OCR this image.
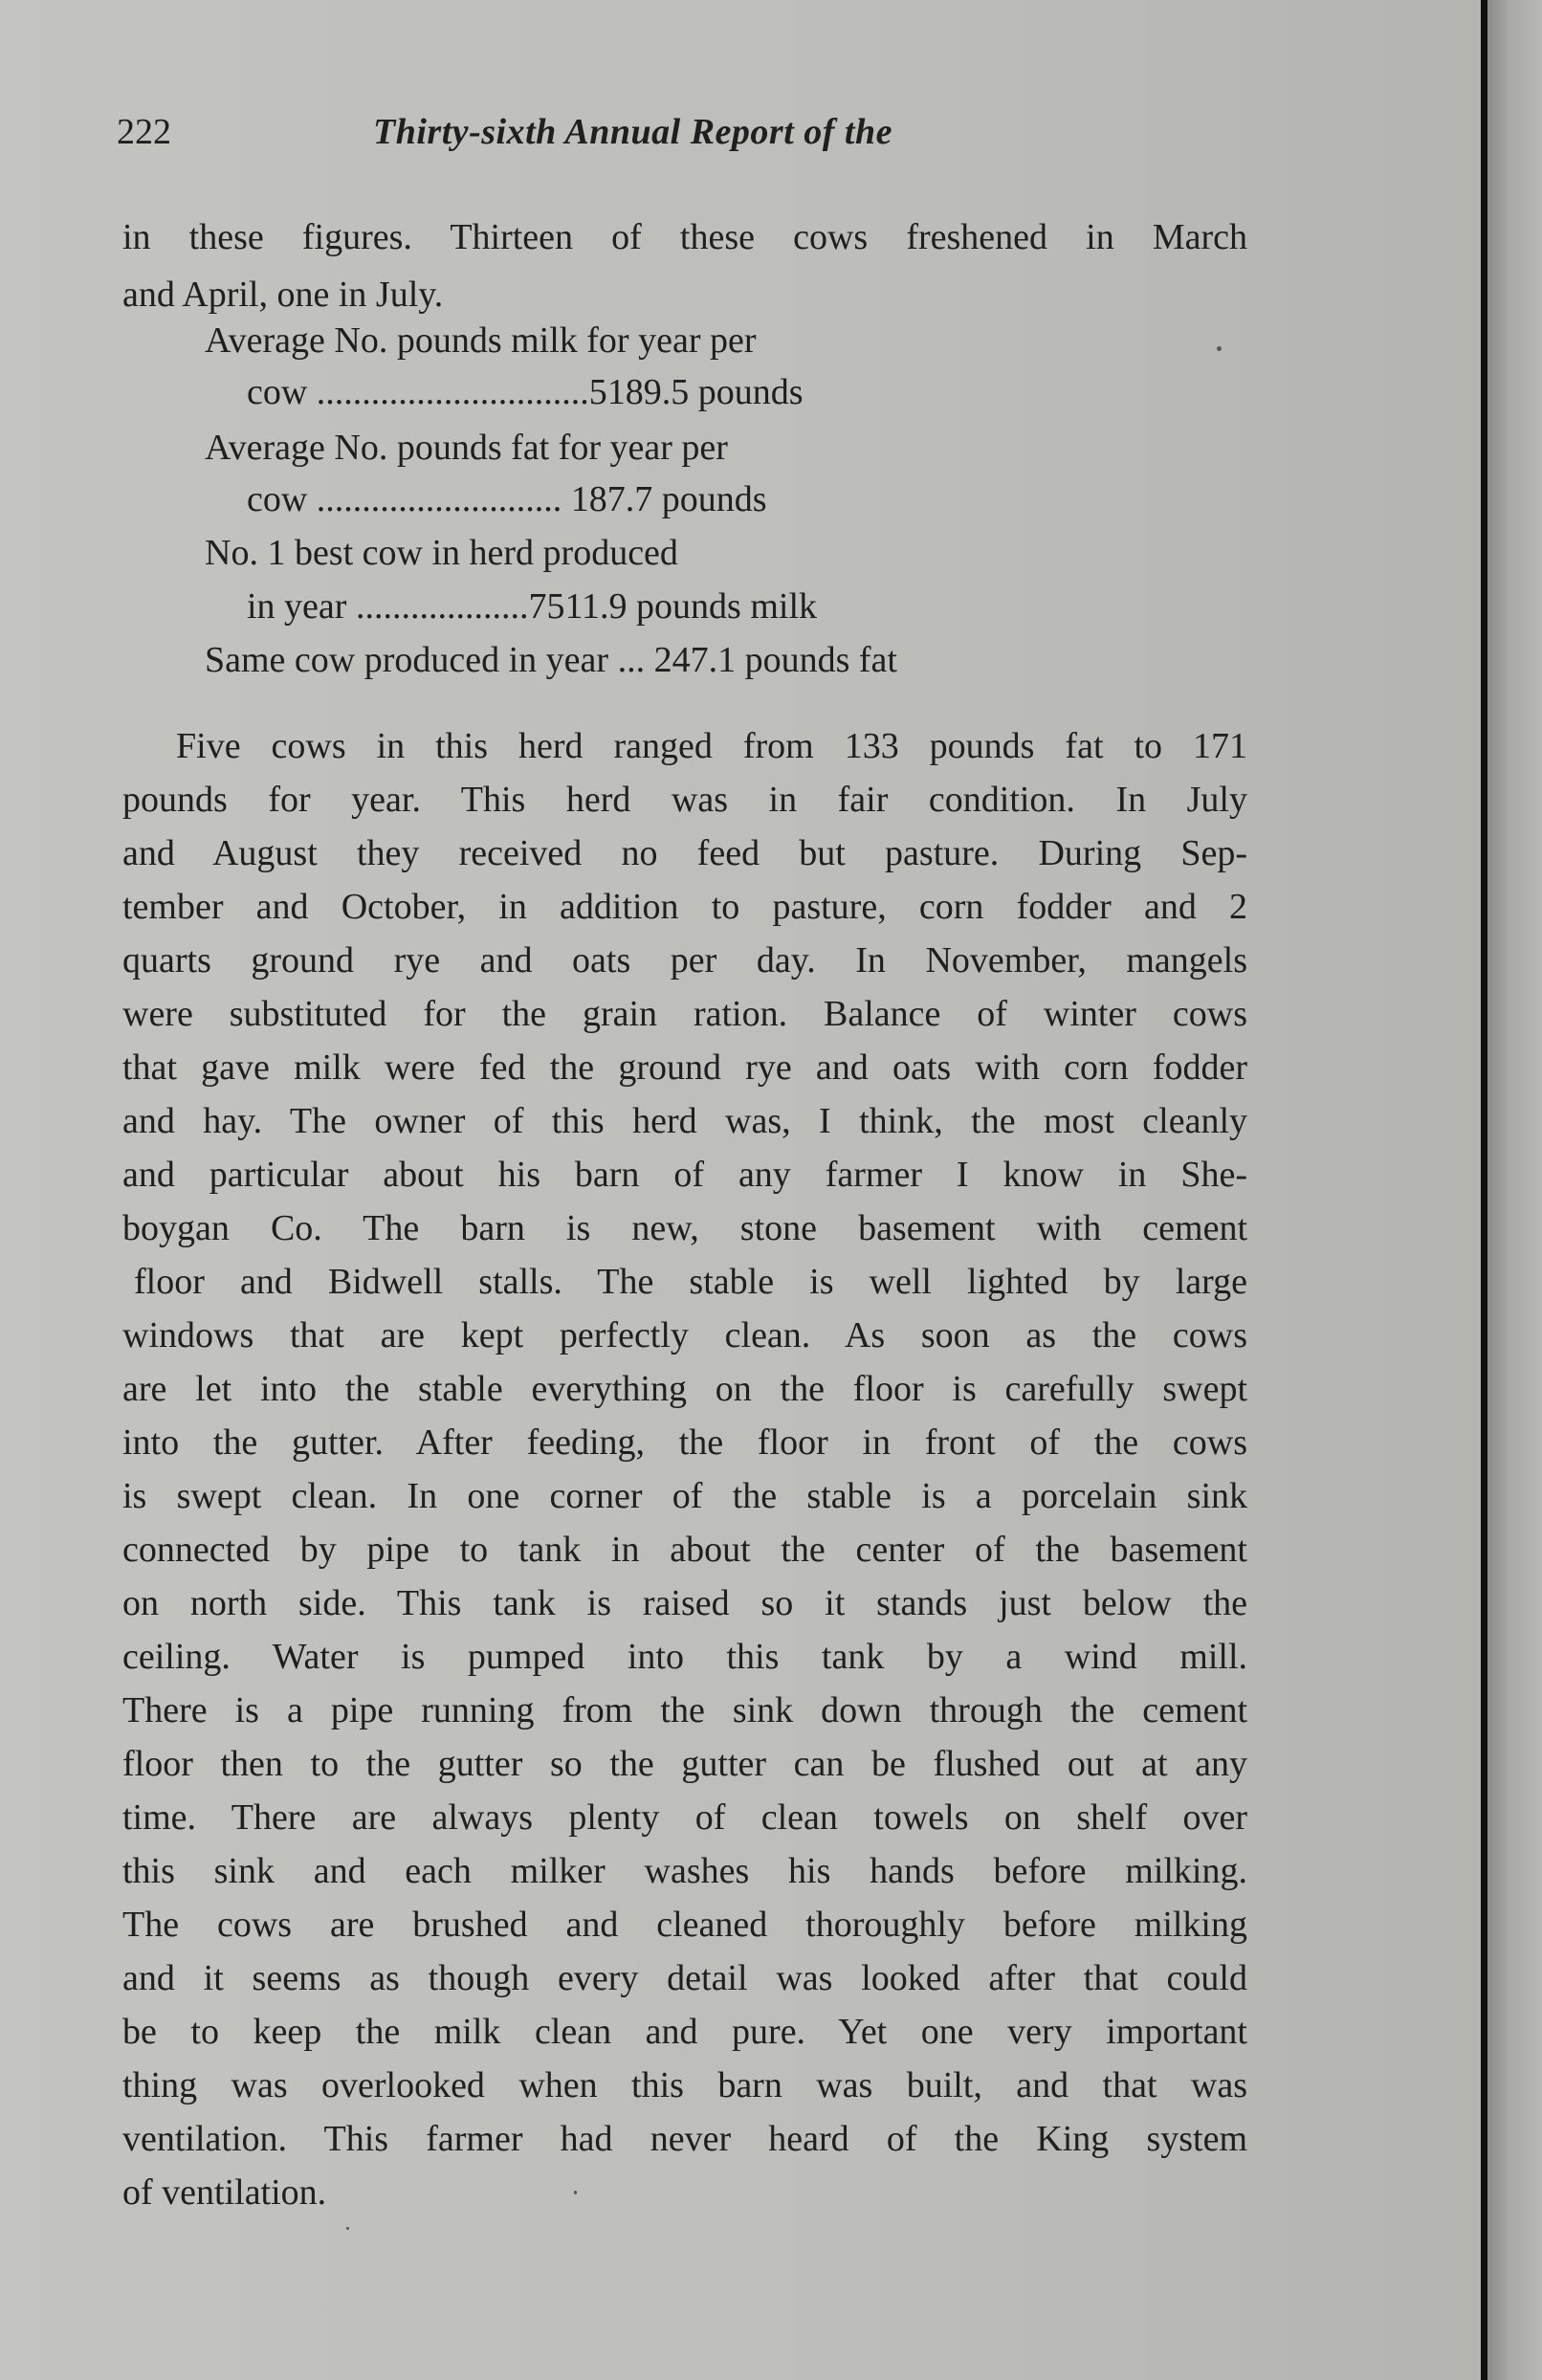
222	Thirty-sixth Annual Report of the
in these figures. Thirteen of these cows freshened in March
and April, one in July.
Average No. pounds milk for year per
cow ..............................5189.5 pounds
Average No. pounds fat for year per
cow ........................... 187.7 pounds
No. 1 best cow in herd produced
in year ...................7511.9 pounds milk
Same cow produced in year ... 247.1 pounds fat
Five cows in this herd ranged from 133 pounds fat to 171
pounds for year. This herd was in fair condition. In July
and August they received no feed but pasture. During Sep-
tember and October, in addition to pasture, corn fodder and 2
quarts ground rye and oats per day. In November, mangels
were substituted for the grain ration. Balance of winter cows
that gave milk were fed the ground rye and oats with corn fodder
and hay. The owner of this herd was, I think, the most cleanly
and particular about his barn of any farmer I know in She-
boygan Co. The barn is new, stone basement with cement
floor and Bidwell stalls. The stable is well lighted by large
windows that are kept perfectly clean. As soon as the cows
are let into the stable everything on the floor is carefully swept
into the gutter. After feeding, the floor in front of the cows
is swept clean. In one corner of the stable is a porcelain sink
connected by pipe to tank in about the center of the basement
on north side. This tank is raised so it stands just below the
ceiling. Water is pumped into this tank by a wind mill.
There is a pipe running from the sink down through the cement
floor then to the gutter so the gutter can be flushed out at any
time. There are always plenty of clean towels on shelf over
this sink and each milker washes his hands before milking.
The cows are brushed and cleaned thoroughly before milking
and it seems as though every detail was looked after that could
be to keep the milk clean and pure. Yet one very important
thing was overlooked when this barn was built, and that was
ventilation. This farmer had never heard of the King system
of ventilation.
